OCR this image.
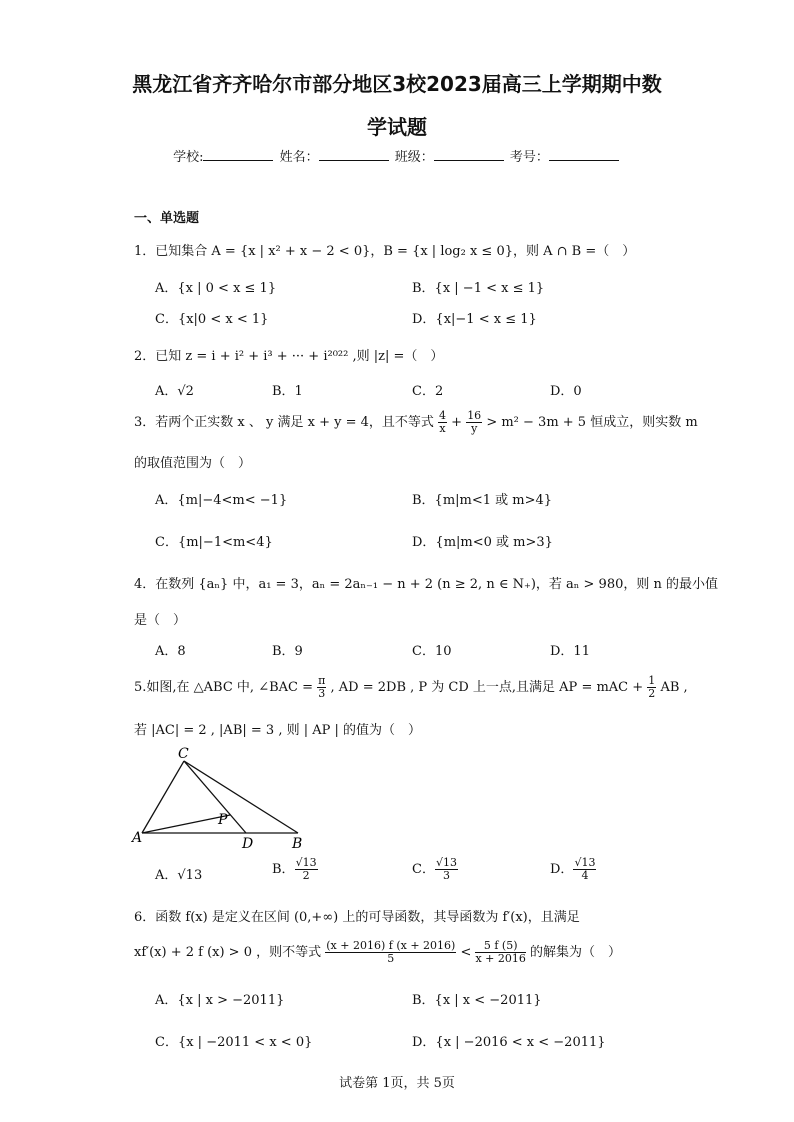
黑龙江省齐齐哈尔市部分地区3校2023届高三上学期期中数
学试题
学校:	姓名：	班级：	考号：
一、单选题
1．已知集合 A = {x | x² + x − 2 < 0}，B = {x | log₂ x ≤ 0}，则 A ∩ B =（　）
A．{x | 0 < x ≤ 1}	B．{x | −1 < x ≤ 1}
C．{x|0 < x < 1}	D．{x|−1 < x ≤ 1}
2．已知 z = i + i² + i³ + ··· + i²⁰²² ,则 |z| =（　）
A．√2	B．1	C．2	D．0
3．若两个正实数 x 、 y 满足 x + y = 4，且不等式 $\frac{4}{x} + \frac{16}{y} > m^2 - 3m + 5$ 恒成立，则实数 m
的取值范围为（　）
A．{m|−4<m< −1}	B．{m|m<1 或 m>4}
C．{m|−1<m<4}	D．{m|m<0 或 m>3}
4．在数列 {aₙ} 中，a₁ = 3，aₙ = 2aₙ₋₁ − n + 2 (n ≥ 2, n ∈ N₊)，若 aₙ > 980，则 n 的最小值
是（　）
A．8	B．9	C．10	D．11
5.如图,在 △ABC 中, ∠BAC = $\frac{\pi}{3}$ , AD = 2DB , P 为 CD 上一点,且满足 AP = mAC + $\frac{1}{2}$ AB ,
若 |AC| = 2 , |AB| = 3 , 则 | AP | 的值为（　）
C
A
P
D	B
A．√13	B． $\frac{√13}{2}$	C． $\frac{√13}{3}$	D． $\frac{√13}{4}$
6．函数 f(x) 是定义在区间 (0,+∞) 上的可导函数，其导函数为 f′(x)，且满足
xf′(x) + 2 f (x) > 0 ，则不等式 $\frac{(x + 2016) f (x + 2016)}{5} < \frac{5 f (5)}{x + 2016}$ 的解集为（　）
A．{x | x > −2011}	B．{x | x < −2011}
C．{x | −2011 < x < 0}	D．{x | −2016 < x < −2011}
试卷第 1页，共 5页
